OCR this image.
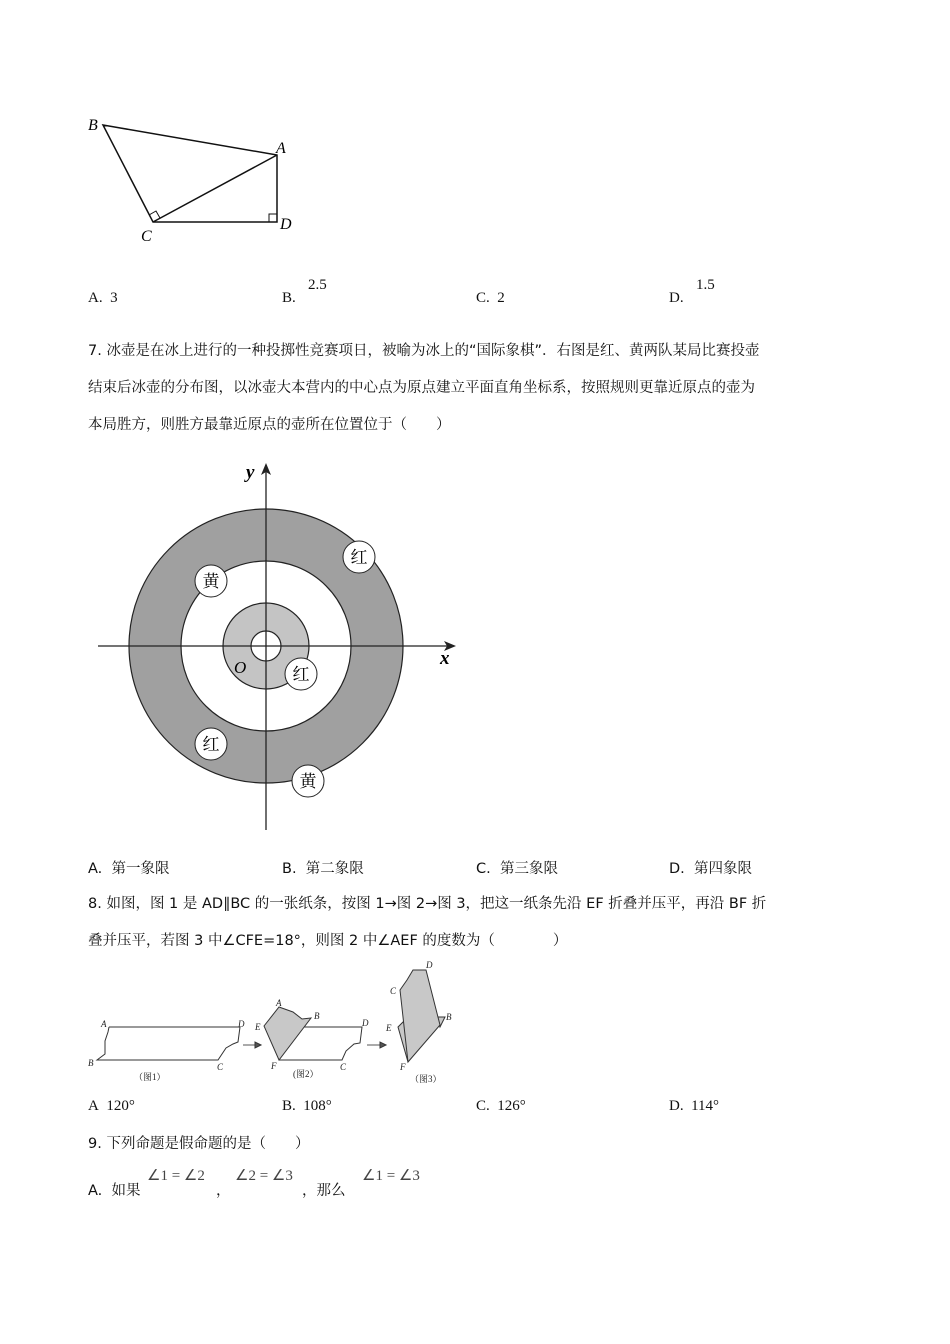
B
A
C
D
y
x
O
红
黄
红
红
黄
A	D
B	C
A
B
E
F
D
C
D
C
B
E
F
（图1）	(图2）	（图3）
A. 3	B.
2.5
C. 2	D.
1.5
7. 冰壶是在冰上进行的一种投掷性竞赛项日，被喻为冰上的“国际象棋”．右图是红、黄两队某局比赛投壶
结束后冰壶的分布图，以冰壶大本营内的中心点为原点建立平面直角坐标系，按照规则更靠近原点的壶为
本局胜方，则胜方最靠近原点的壶所在位置位于（　　）
A. 第一象限	B. 第二象限	C. 第三象限	D. 第四象限
8. 如图，图 1 是 AD∥BC 的一张纸条，按图 1→图 2→图 3，把这一纸条先沿 EF 折叠并压平，再沿 BF 折
叠并压平，若图 3 中∠CFE=18°，则图 2 中∠AEF 的度数为（　　　　）
A 120°	B. 108°	C. 126°	D. 114°
9. 下列命题是假命题的是（　　）
A. 如果
∠1 = ∠2
，
∠2 = ∠3
，那么
∠1 = ∠3
